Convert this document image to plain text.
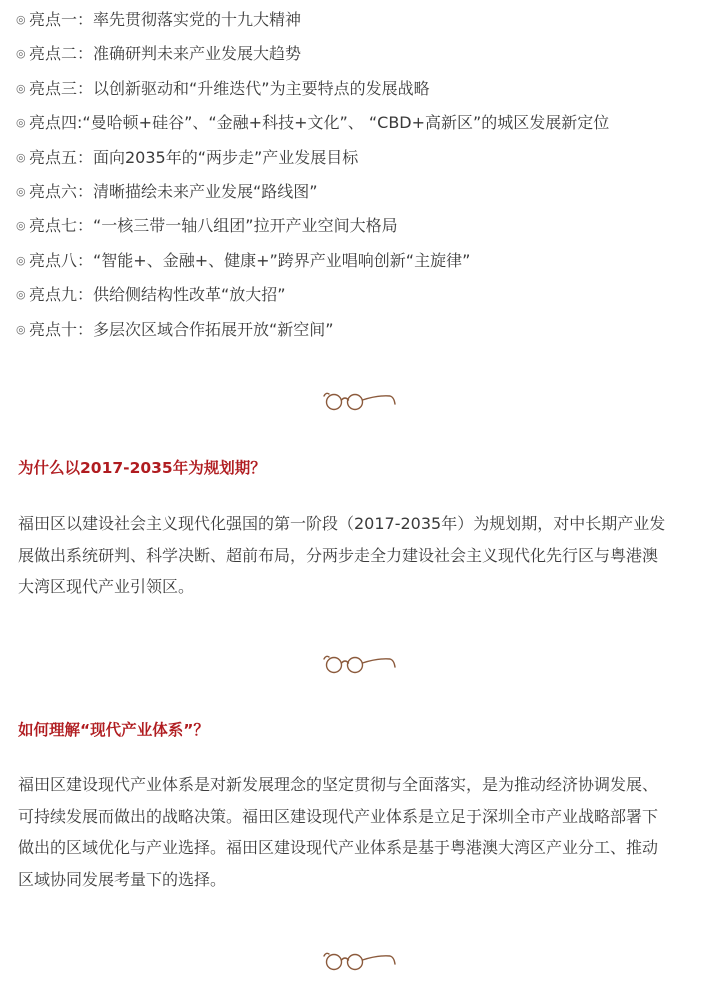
◎ 亮点一：率先贯彻落实党的十九大精神
◎ 亮点二：准确研判未来产业发展大趋势
◎ 亮点三：以创新驱动和“升维迭代”为主要特点的发展战略
◎ 亮点四:“曼哈顿+硅谷”、“金融+科技+文化”、 “CBD+高新区”的城区发展新定位
◎ 亮点五：面向2035年的“两步走”产业发展目标
◎ 亮点六：清晰描绘未来产业发展“路线图”
◎ 亮点七：“一核三带一轴八组团”拉开产业空间大格局
◎ 亮点八：“智能+、金融+、健康+”跨界产业唱响创新“主旋律”
◎ 亮点九：供给侧结构性改革“放大招”
◎ 亮点十：多层次区域合作拓展开放“新空间”
为什么以2017-2035年为规划期？
福田区以建设社会主义现代化强国的第一阶段（2017-2035年）为规划期，对中长期产业发
展做出系统研判、科学决断、超前布局，分两步走全力建设社会主义现代化先行区与粤港澳
大湾区现代产业引领区。
如何理解“现代产业体系”？
福田区建设现代产业体系是对新发展理念的坚定贯彻与全面落实，是为推动经济协调发展、
可持续发展而做出的战略决策。福田区建设现代产业体系是立足于深圳全市产业战略部署下
做出的区域优化与产业选择。福田区建设现代产业体系是基于粤港澳大湾区产业分工、推动
区域协同发展考量下的选择。
